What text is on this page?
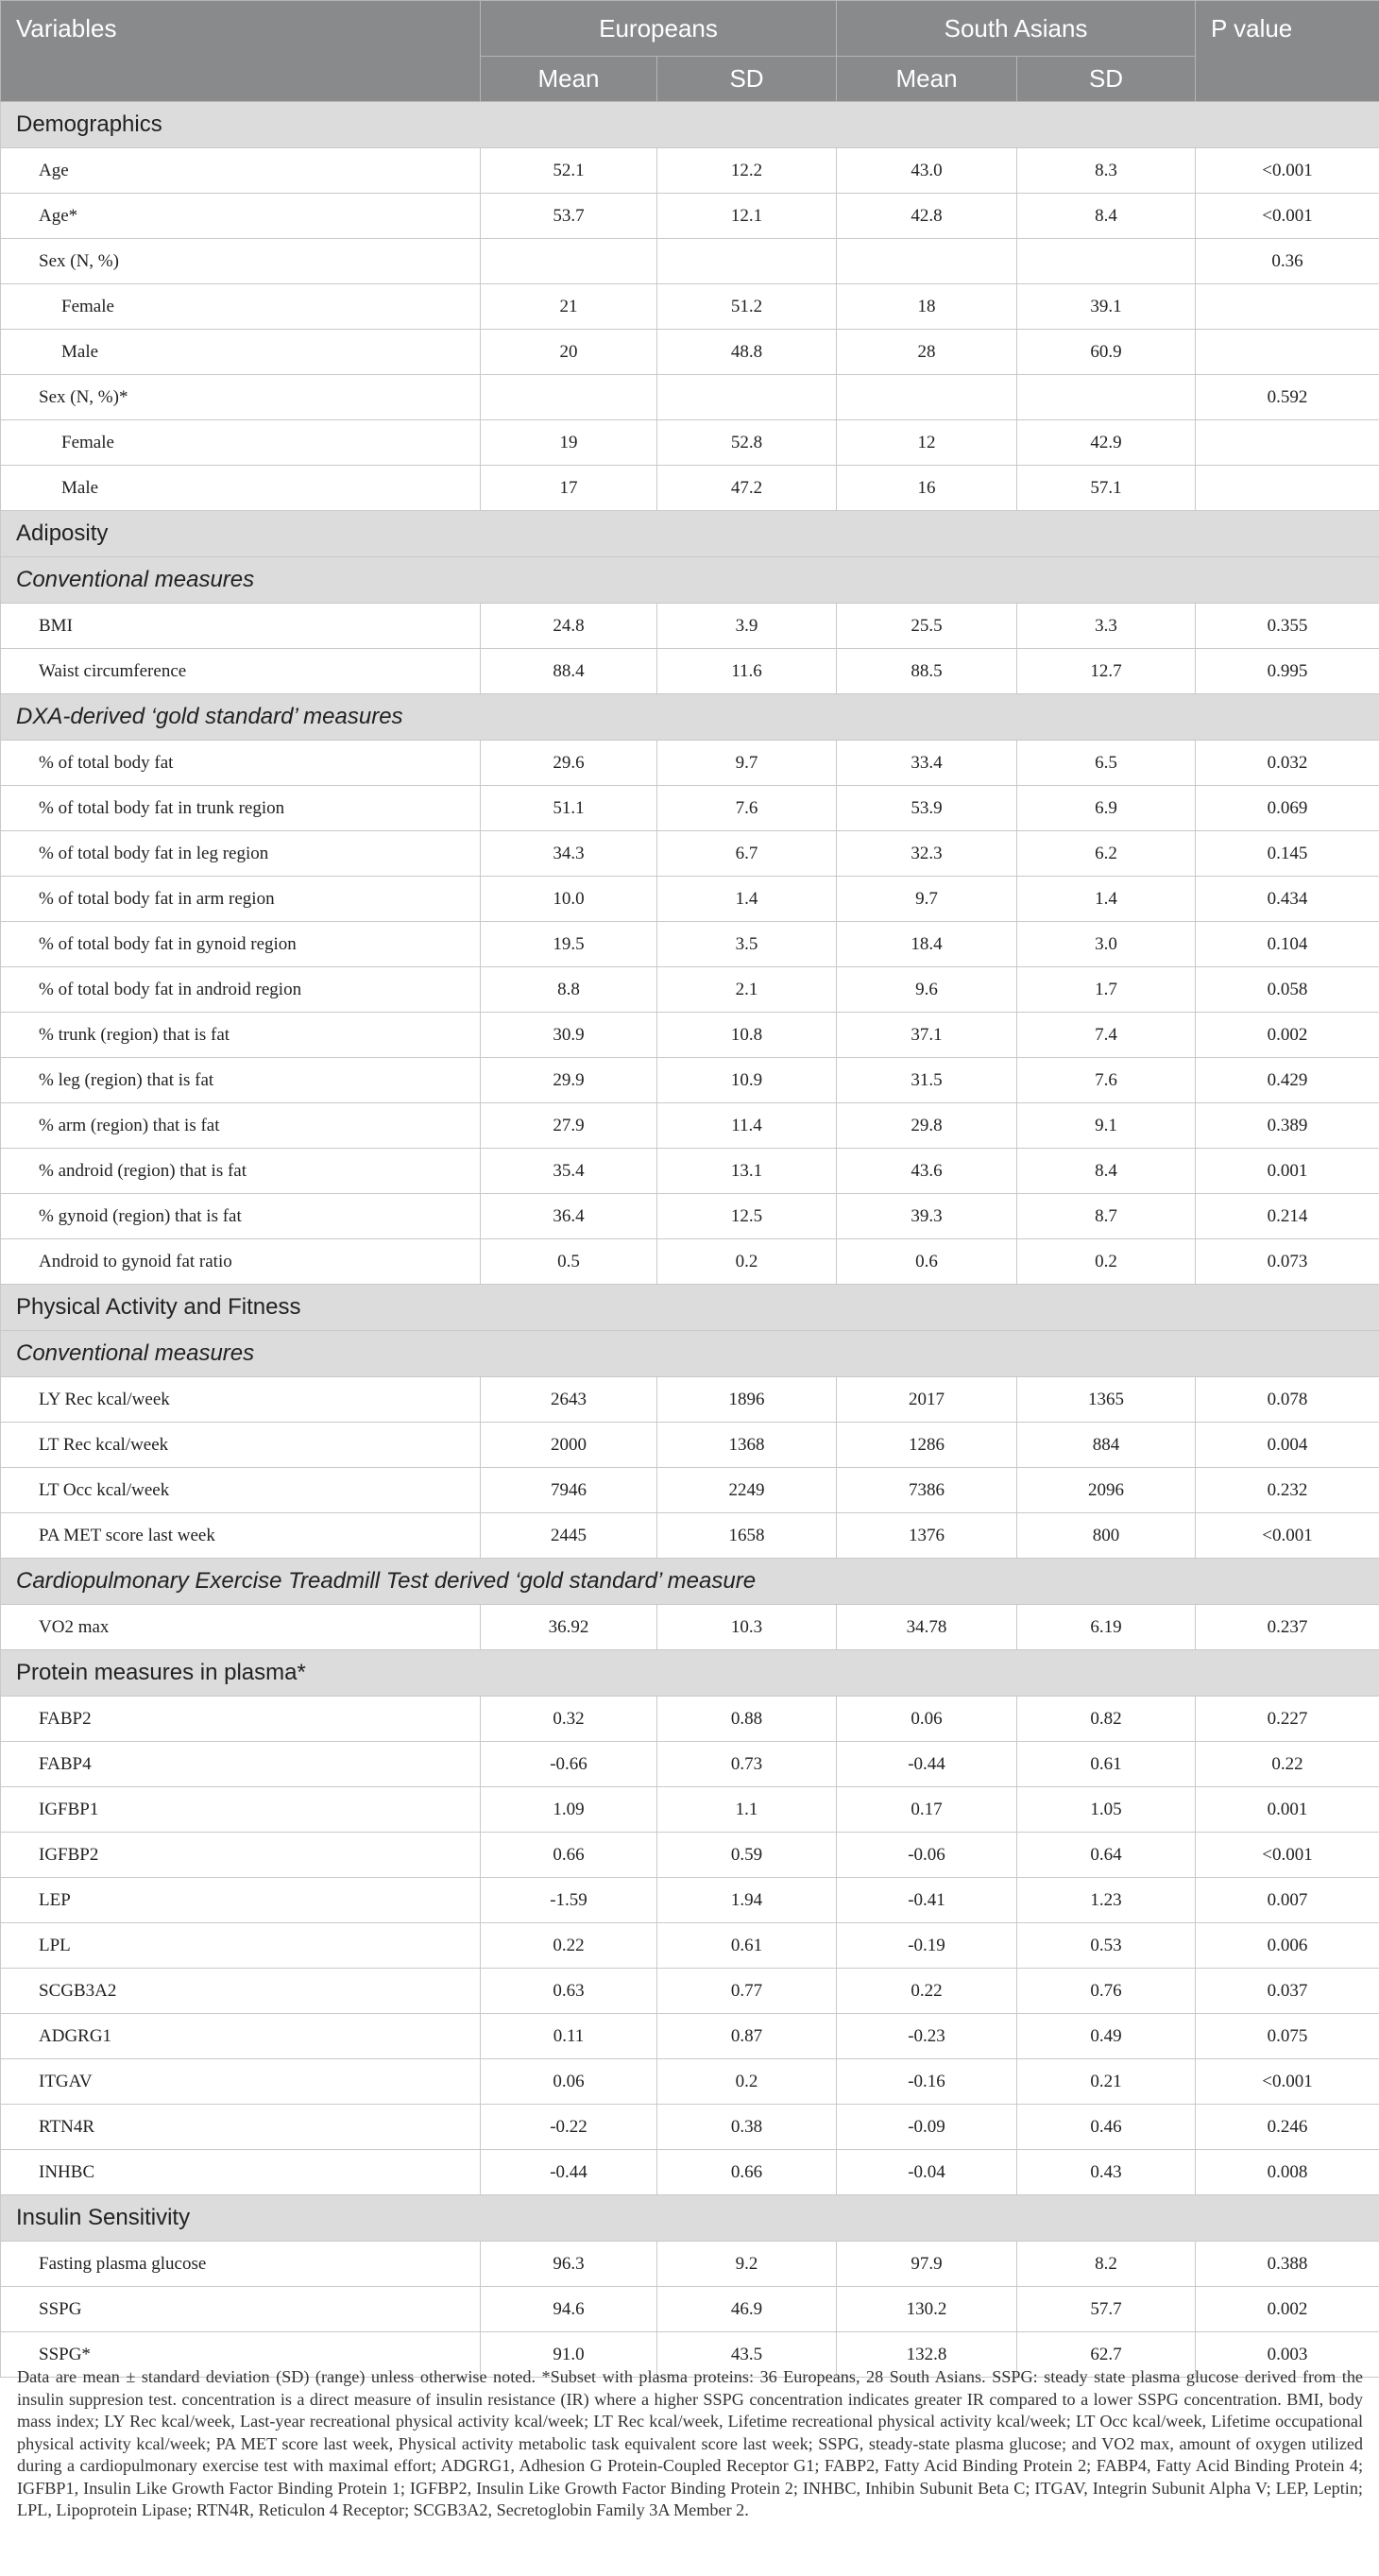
Variables	Europeans		South Asians		P value
	Mean	SD	Mean	SD	
Demographics					
Age	52.1	12.2	43.0	8.3	<0.001
Age*	53.7	12.1	42.8	8.4	<0.001
Sex (N, %)					0.36
Female	21	51.2	18	39.1	
Male	20	48.8	28	60.9	
Sex (N, %)*					0.592
Female	19	52.8	12	42.9	
Male	17	47.2	16	57.1	
Adiposity					
Conventional measures					
BMI	24.8	3.9	25.5	3.3	0.355
Waist circumference	88.4	11.6	88.5	12.7	0.995
DXA-derived ‘gold standard’ measures					
% of total body fat	29.6	9.7	33.4	6.5	0.032
% of total body fat in trunk region	51.1	7.6	53.9	6.9	0.069
% of total body fat in leg region	34.3	6.7	32.3	6.2	0.145
% of total body fat in arm region	10.0	1.4	9.7	1.4	0.434
% of total body fat in gynoid region	19.5	3.5	18.4	3.0	0.104
% of total body fat in android region	8.8	2.1	9.6	1.7	0.058
% trunk (region) that is fat	30.9	10.8	37.1	7.4	0.002
% leg (region) that is fat	29.9	10.9	31.5	7.6	0.429
% arm (region) that is fat	27.9	11.4	29.8	9.1	0.389
% android (region) that is fat	35.4	13.1	43.6	8.4	0.001
% gynoid (region) that is fat	36.4	12.5	39.3	8.7	0.214
Android to gynoid fat ratio	0.5	0.2	0.6	0.2	0.073
Physical Activity and Fitness					
Conventional measures					
LY Rec kcal/week	2643	1896	2017	1365	0.078
LT Rec kcal/week	2000	1368	1286	884	0.004
LT Occ kcal/week	7946	2249	7386	2096	0.232
PA MET score last week	2445	1658	1376	800	<0.001
Cardiopulmonary Exercise Treadmill Test derived ‘gold standard’ measure					
VO2 max	36.92	10.3	34.78	6.19	0.237
Protein measures in plasma*					
FABP2	0.32	0.88	0.06	0.82	0.227
FABP4	-0.66	0.73	-0.44	0.61	0.22
IGFBP1	1.09	1.1	0.17	1.05	0.001
IGFBP2	0.66	0.59	-0.06	0.64	<0.001
LEP	-1.59	1.94	-0.41	1.23	0.007
LPL	0.22	0.61	-0.19	0.53	0.006
SCGB3A2	0.63	0.77	0.22	0.76	0.037
ADGRG1	0.11	0.87	-0.23	0.49	0.075
ITGAV	0.06	0.2	-0.16	0.21	<0.001
RTN4R	-0.22	0.38	-0.09	0.46	0.246
INHBC	-0.44	0.66	-0.04	0.43	0.008
Insulin Sensitivity					
Fasting plasma glucose	96.3	9.2	97.9	8.2	0.388
SSPG	94.6	46.9	130.2	57.7	0.002
SSPG*	91.0	43.5	132.8	62.7	0.003

Data are mean ± standard deviation (SD) (range) unless otherwise noted. *Subset with plasma proteins: 36 Europeans, 28 South Asians. SSPG: steady state plasma glucose derived from the insulin suppresion test. concentration is a direct measure of insulin resistance (IR) where a higher SSPG concentration indicates greater IR compared to a lower SSPG concentration. BMI, body mass index; LY Rec kcal/week, Last-year recreational physical activity kcal/week; LT Rec kcal/week, Lifetime recreational physical activity kcal/week; LT Occ kcal/week, Lifetime occupational physical activity kcal/week; PA MET score last week, Physical activity metabolic task equivalent score last week; SSPG, steady-state plasma glucose; and VO2 max, amount of oxygen utilized during a cardiopulmonary exercise test with maximal effort; ADGRG1, Adhesion G Protein-Coupled Receptor G1; FABP2, Fatty Acid Binding Protein 2; FABP4, Fatty Acid Binding Protein 4; IGFBP1, Insulin Like Growth Factor Binding Protein 1; IGFBP2, Insulin Like Growth Factor Binding Protein 2; INHBC, Inhibin Subunit Beta C; ITGAV, Integrin Subunit Alpha V; LEP, Leptin; LPL, Lipoprotein Lipase; RTN4R, Reticulon 4 Receptor; SCGB3A2, Secretoglobin Family 3A Member 2.
